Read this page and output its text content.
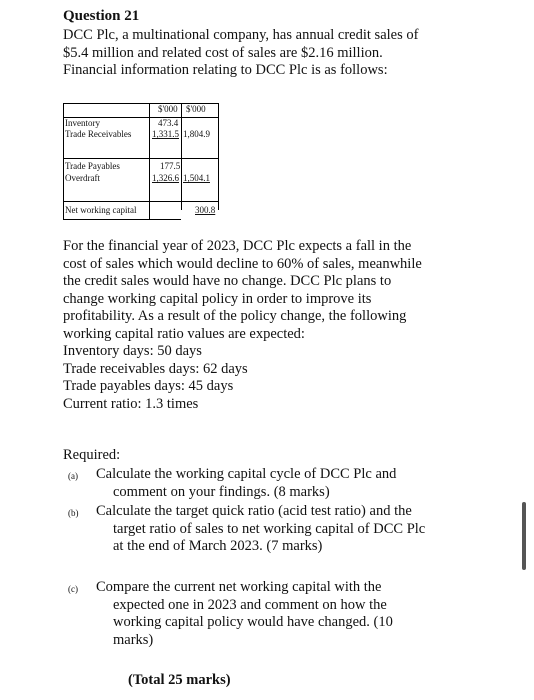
Question 21
DCC Plc, a multinational company, has annual credit sales of
$5.4 million and related cost of sales are $2.16 million.
Financial information relating to DCC Plc is as follows:
$'000 $'000
Inventory	473.4
Trade Receivables 1,331.5 1,804.9
Trade Payables	177.5
Overdraft	1,326.6 1,504.1
Net working capital	300.8
For the financial year of 2023, DCC Plc expects a fall in the
cost of sales which would decline to 60% of sales, meanwhile
the credit sales would have no change. DCC Plc plans to
change working capital policy in order to improve its
profitability. As a result of the policy change, the following
working capital ratio values are expected:
Inventory days: 50 days
Trade receivables days: 62 days
Trade payables days: 45 days
Current ratio: 1.3 times
Required:
(a) Calculate the working capital cycle of DCC Plc and
comment on your findings. (8 marks)
(b) Calculate the target quick ratio (acid test ratio) and the
target ratio of sales to net working capital of DCC Plc
at the end of March 2023. (7 marks)
(c) Compare the current net working capital with the
expected one in 2023 and comment on how the
working capital policy would have changed. (10
marks)
(Total 25 marks)
